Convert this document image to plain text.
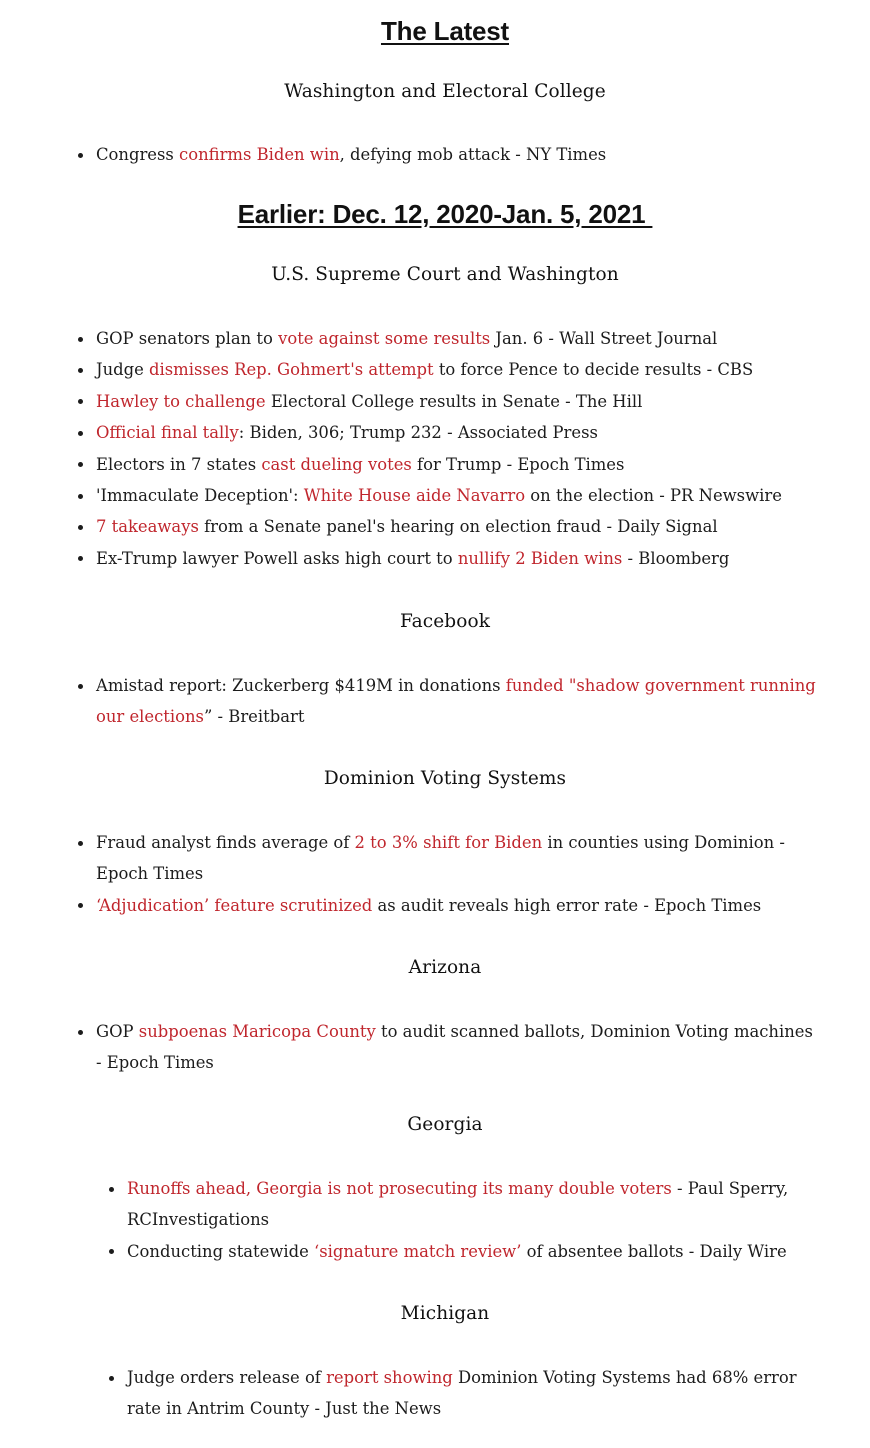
The Latest
Washington and Electoral College
Congress confirms Biden win, defying mob attack - NY Times
Earlier: Dec. 12, 2020-Jan. 5, 2021
U.S. Supreme Court and Washington
GOP senators plan to vote against some results Jan. 6 - Wall Street Journal
Judge dismisses Rep. Gohmert's attempt to force Pence to decide results - CBS
Hawley to challenge Electoral College results in Senate - The Hill
Official final tally: Biden, 306; Trump 232 - Associated Press
Electors in 7 states cast dueling votes for Trump - Epoch Times
'Immaculate Deception': White House aide Navarro on the election - PR Newswire
7 takeaways from a Senate panel's hearing on election fraud - Daily Signal
Ex-Trump lawyer Powell asks high court to nullify 2 Biden wins - Bloomberg
Facebook
Amistad report: Zuckerberg $419M in donations funded "shadow government running our elections” - Breitbart
Dominion Voting Systems
Fraud analyst finds average of 2 to 3% shift for Biden in counties using Dominion - Epoch Times
‘Adjudication’ feature scrutinized as audit reveals high error rate - Epoch Times
Arizona
GOP subpoenas Maricopa County to audit scanned ballots, Dominion Voting machines - Epoch Times
Georgia
Runoffs ahead, Georgia is not prosecuting its many double voters - Paul Sperry, RCInvestigations
Conducting statewide ‘signature match review’ of absentee ballots - Daily Wire
Michigan
Judge orders release of report showing Dominion Voting Systems had 68% error rate in Antrim County - Just the News
